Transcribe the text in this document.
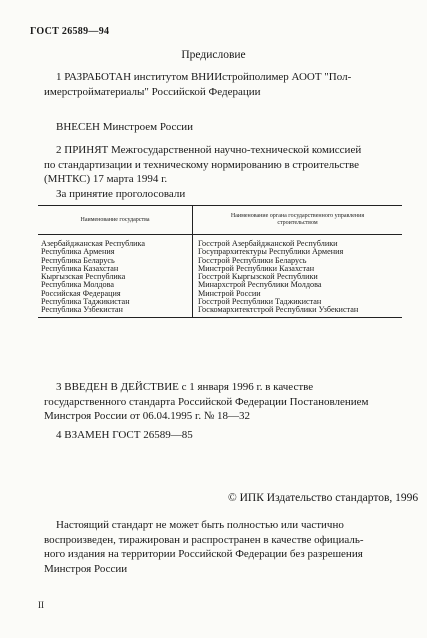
ГОСТ 26589—94
Предисловие
1 РАЗРАБОТАН институтом ВНИИстройполимер АООТ "Пол-
имерстройматериалы" Российской Федерации
ВНЕСЕН Минстроем России
2 ПРИНЯТ Межгосударственной научно-технической комиссией
по стандартизации и техническому нормированию в строительстве
(МНТКС) 17 марта 1994 г.
За принятие проголосовали
Наименование государства	Наименование органа государственного управления
строительством

Азербайджанская Республика	Госстрой Азербайджанской Республики
Республика Армения	Госупрархитектуры Республики Армения
Республика Беларусь	Госстрой Республики Беларусь
Республика Казахстан	Минстрой Республики Казахстан
Кыргызская Республика	Госстрой Кыргызской Республики
Республика Молдова	Минархстрой Республики Молдова
Российская Федерация	Минстрой России
Республика Таджикистан	Госстрой Республики Таджикистан
Республика Узбекистан	Госкомархитектстрой Республики Узбекистан
3 ВВЕДЕН В ДЕЙСТВИЕ с 1 января 1996 г. в качестве
государственного стандарта Российской Федерации Постановлением
Минстроя России от 06.04.1995 г. № 18—32
4 ВЗАМЕН ГОСТ 26589—85
© ИПК Издательство стандартов, 1996
Настоящий стандарт не может быть полностью или частично
воспроизведен, тиражирован и распространен в качестве официаль-
ного издания на территории Российской Федерации без разрешения
Минстроя России
II
